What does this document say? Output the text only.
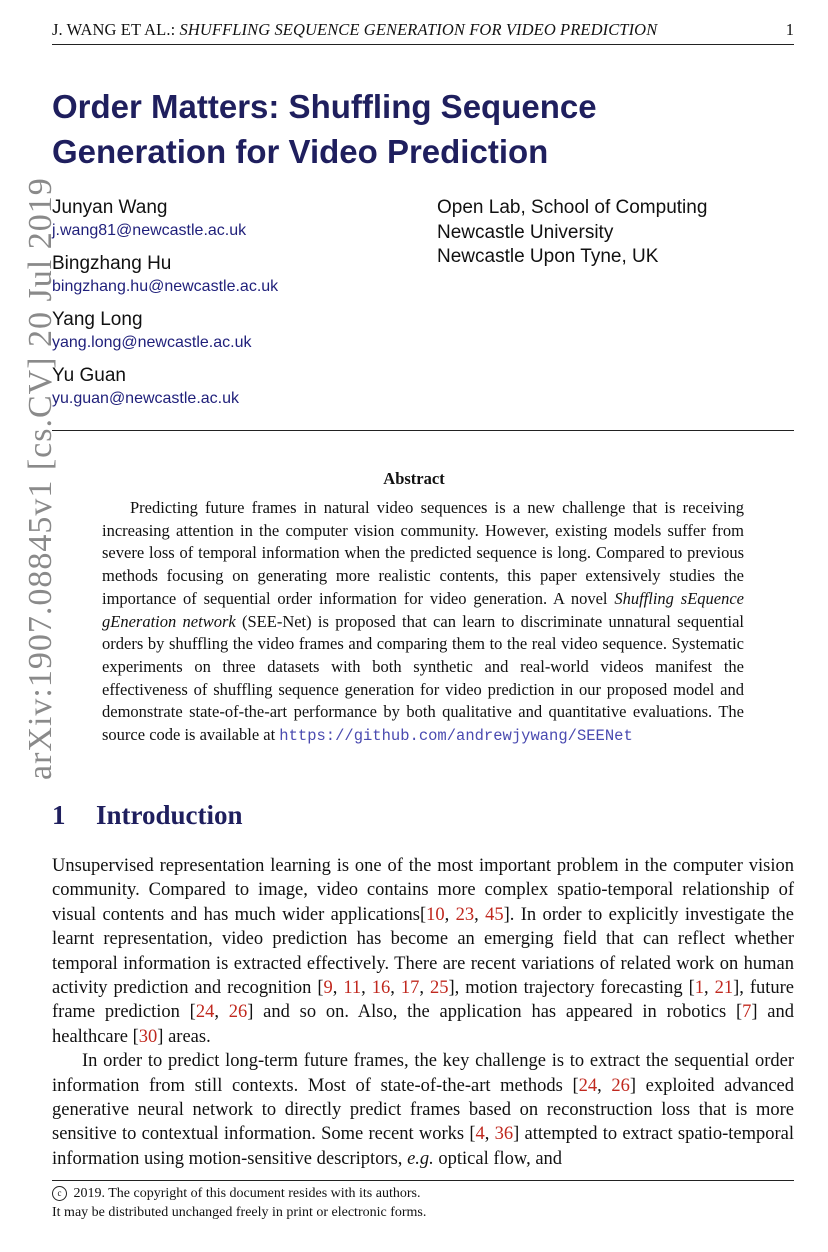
J. WANG ET AL.: SHUFFLING SEQUENCE GENERATION FOR VIDEO PREDICTION	1
arXiv:1907.08845v1 [cs.CV] 20 Jul 2019
Order Matters: Shuffling Sequence
Generation for Video Prediction
Junyan Wang
j.wang81@newcastle.ac.uk
Bingzhang Hu
bingzhang.hu@newcastle.ac.uk
Yang Long
yang.long@newcastle.ac.uk
Yu Guan
yu.guan@newcastle.ac.uk
Open Lab, School of Computing
Newcastle University
Newcastle Upon Tyne, UK
Abstract

Predicting future frames in natural video sequences is a new challenge that is receiving increasing attention in the computer vision community. However, existing models suffer from severe loss of temporal information when the predicted sequence is long. Compared to previous methods focusing on generating more realistic contents, this paper extensively studies the importance of sequential order information for video generation. A novel Shuffling sEquence gEneration network (SEE-Net) is proposed that can learn to discriminate unnatural sequential orders by shuffling the video frames and comparing them to the real video sequence. Systematic experiments on three datasets with both synthetic and real-world videos manifest the effectiveness of shuffling sequence generation for video prediction in our proposed model and demonstrate state-of-the-art performance by both qualitative and quantitative evaluations. The source code is available at https://github.com/andrewjywang/SEENet

1 Introduction

Unsupervised representation learning is one of the most important problem in the computer vision community. Compared to image, video contains more complex spatio-temporal relationship of visual contents and has much wider applications[10, 23, 45]. In order to explicitly investigate the learnt representation, video prediction has become an emerging field that can reflect whether temporal information is extracted effectively. There are recent variations of related work on human activity prediction and recognition [9, 11, 16, 17, 25], motion trajectory forecasting [1, 21], future frame prediction [24, 26] and so on. Also, the application has appeared in robotics [7] and healthcare [30] areas.

In order to predict long-term future frames, the key challenge is to extract the sequential order information from still contexts. Most of state-of-the-art methods [24, 26] exploited advanced generative neural network to directly predict frames based on reconstruction loss that is more sensitive to contextual information. Some recent works [4, 36] attempted to extract spatio-temporal information using motion-sensitive descriptors, e.g. optical flow, and

c 2019. The copyright of this document resides with its authors.
It may be distributed unchanged freely in print or electronic forms.
